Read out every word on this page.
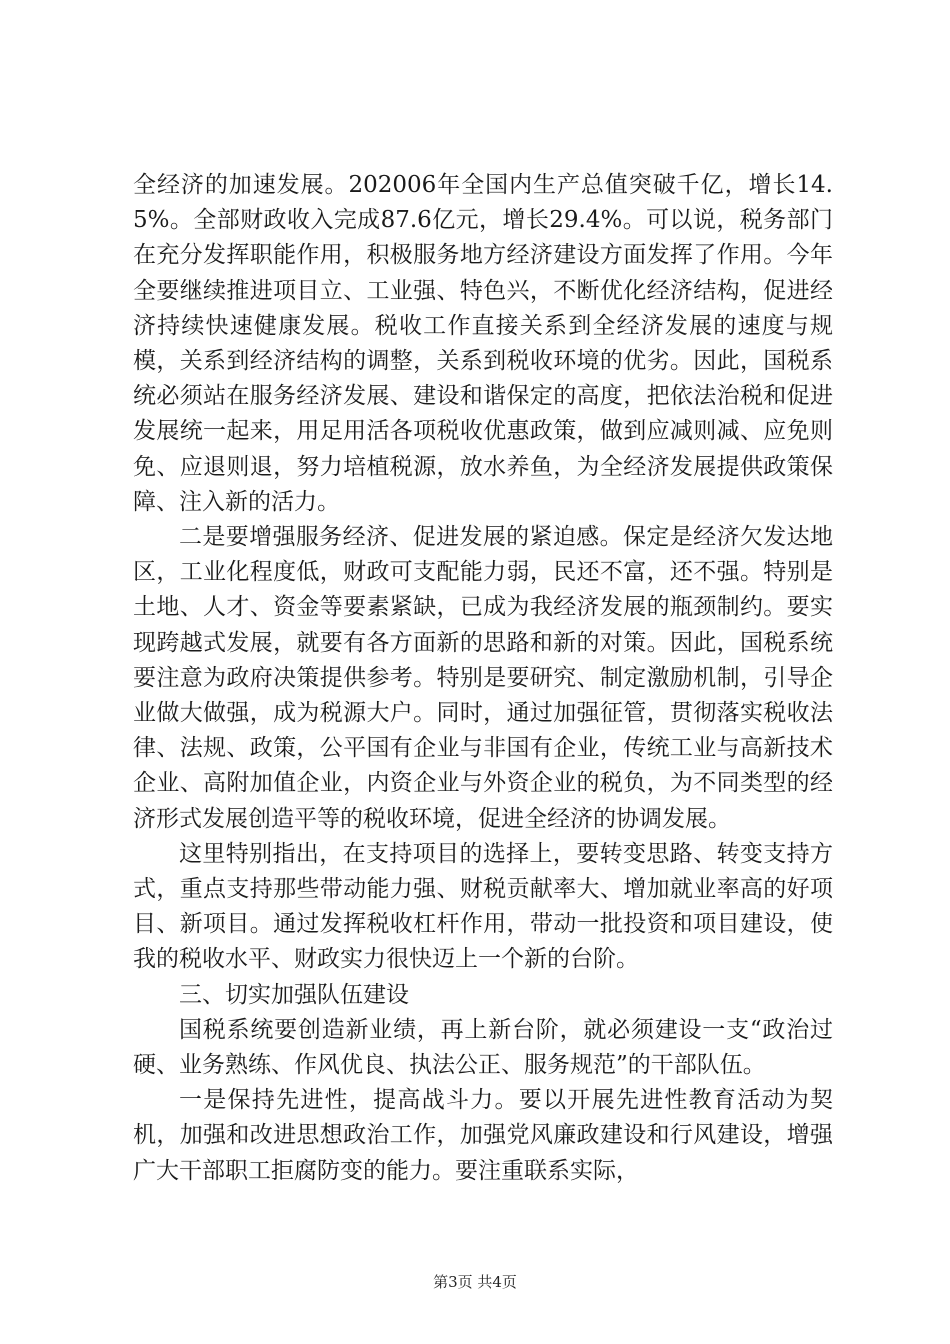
全经济的加速发展。202006年全国内生产总值突破千亿，增长14.5%。全部财政收入完成87.6亿元，增长29.4%。可以说，税务部门在充分发挥职能作用，积极服务地方经济建设方面发挥了作用。今年全要继续推进项目立、工业强、特色兴，不断优化经济结构，促进经济持续快速健康发展。税收工作直接关系到全经济发展的速度与规模，关系到经济结构的调整，关系到税收环境的优劣。因此，国税系统必须站在服务经济发展、建设和谐保定的高度，把依法治税和促进发展统一起来，用足用活各项税收优惠政策，做到应减则减、应免则免、应退则退，努力培植税源，放水养鱼，为全经济发展提供政策保障、注入新的活力。

二是要增强服务经济、促进发展的紧迫感。保定是经济欠发达地区，工业化程度低，财政可支配能力弱，民还不富，还不强。特别是土地、人才、资金等要素紧缺，已成为我经济发展的瓶颈制约。要实现跨越式发展，就要有各方面新的思路和新的对策。因此，国税系统要注意为政府决策提供参考。特别是要研究、制定激励机制，引导企业做大做强，成为税源大户。同时，通过加强征管，贯彻落实税收法律、法规、政策，公平国有企业与非国有企业，传统工业与高新技术企业、高附加值企业，内资企业与外资企业的税负，为不同类型的经济形式发展创造平等的税收环境，促进全经济的协调发展。

这里特别指出，在支持项目的选择上，要转变思路、转变支持方式，重点支持那些带动能力强、财税贡献率大、增加就业率高的好项目、新项目。通过发挥税收杠杆作用，带动一批投资和项目建设，使我的税收水平、财政实力很快迈上一个新的台阶。

三、切实加强队伍建设

国税系统要创造新业绩，再上新台阶，就必须建设一支“政治过硬、业务熟练、作风优良、执法公正、服务规范”的干部队伍。

一是保持先进性，提高战斗力。要以开展先进性教育活动为契机，加强和改进思想政治工作，加强党风廉政建设和行风建设，增强广大干部职工拒腐防变的能力。要注重联系实际，

第3页 共4页
